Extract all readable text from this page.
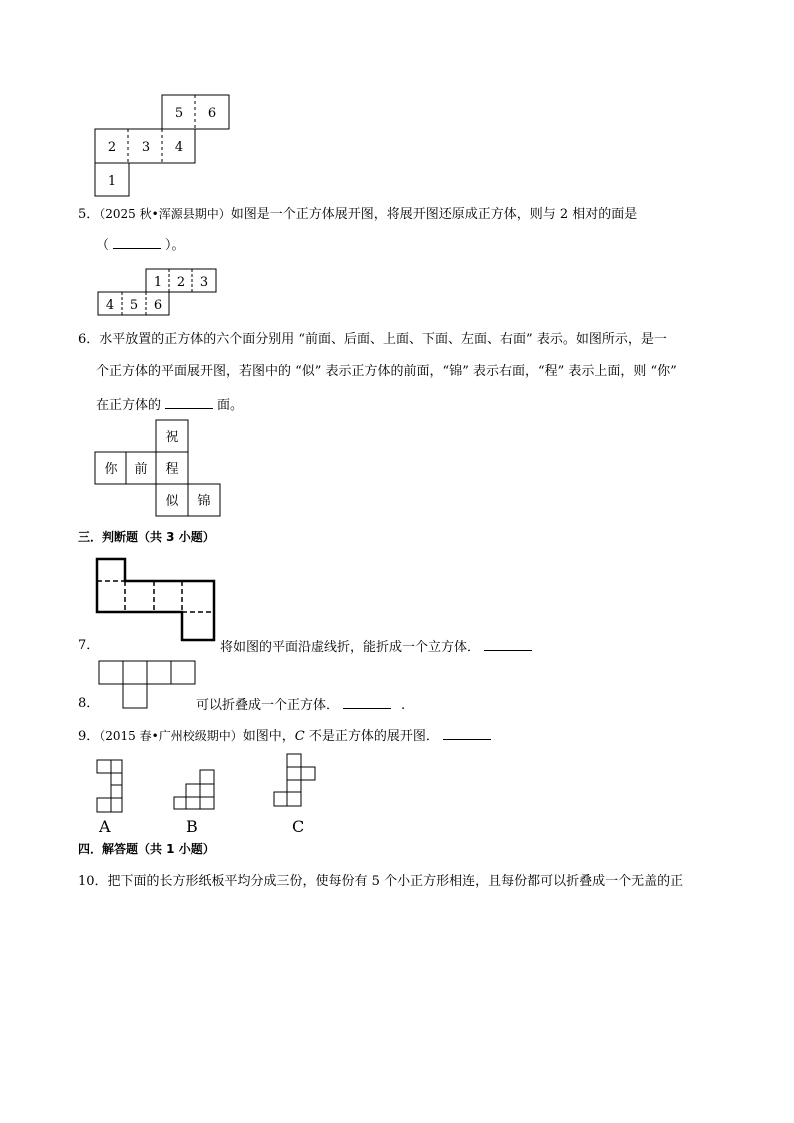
5 6
2 3 4
1
5．（2025 秋•浑源县期中）如图是一个正方体展开图，将展开图还原成正方体，则与 2 相对的面是
（	）。
1 2 3
4 5 6
6．水平放置的正方体的六个面分别用 “前面、后面、上面、下面、左面、右面” 表示。如图所示，是一
个正方体的平面展开图，若图中的 “似” 表示正方体的前面，“锦” 表示右面，“程” 表示上面，则 “你”
在正方体的	面。
祝
你 前 程
似 锦
三．判断题（共 3 小题）
7．	将如图的平面沿虚线折，能折成一个立方体．
8．	可以折叠成一个正方体．	.
9．（2015 春•广州校级期中）如图中，C 不是正方体的展开图．
A	B	C
四．解答题（共 1 小题）
10．把下面的长方形纸板平均分成三份，使每份有 5 个小正方形相连，且每份都可以折叠成一个无盖的正
